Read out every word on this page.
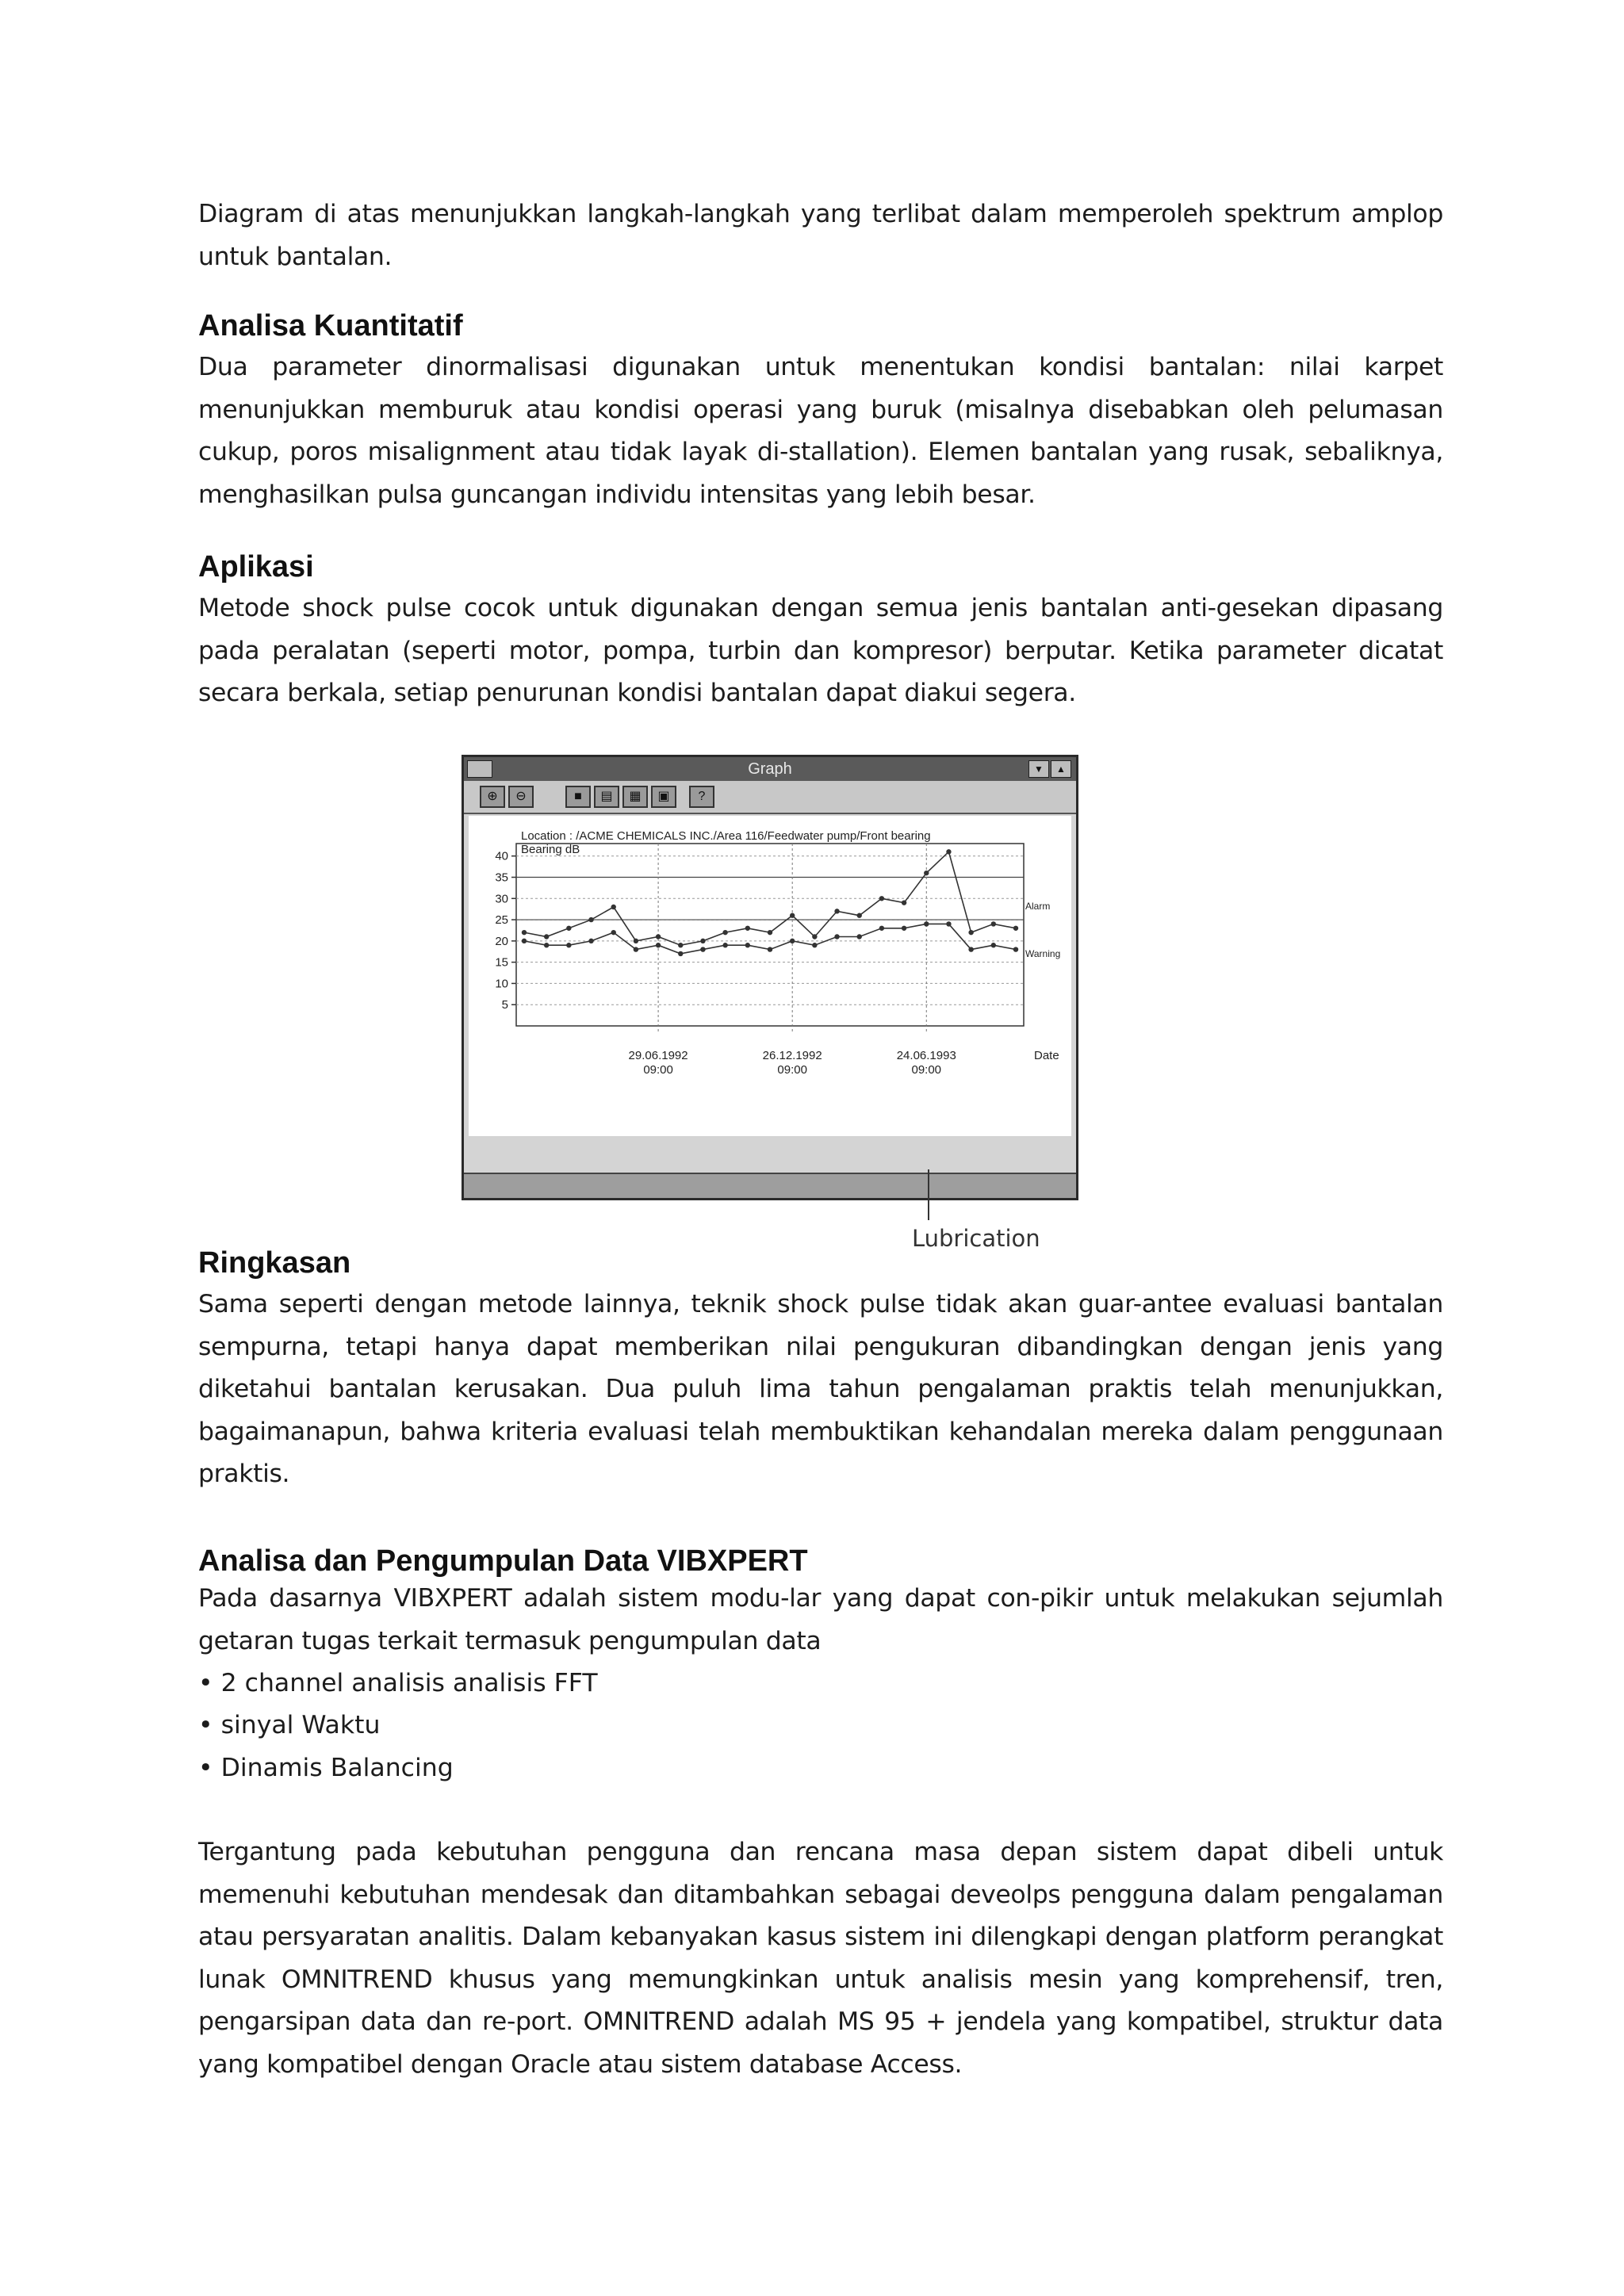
Diagram di atas menunjukkan langkah-langkah yang terlibat dalam memperoleh spektrum amplop untuk bantalan.

Analisa Kuantitatif

Dua parameter dinormalisasi digunakan untuk menentukan kondisi bantalan: nilai karpet menunjukkan memburuk atau kondisi operasi yang buruk (misalnya disebabkan oleh pelumasan cukup, poros misalignment atau tidak layak di-stallation). Elemen bantalan yang rusak, sebaliknya, menghasilkan pulsa guncangan individu intensitas yang lebih besar.

Aplikasi

Metode shock pulse cocok untuk digunakan dengan semua jenis bantalan anti-gesekan dipasang pada peralatan (seperti motor, pompa, turbin dan kompresor) berputar. Ketika parameter dicatat secara berkala, setiap penurunan kondisi bantalan dapat diakui segera.

Graph	▼	▲
⊕	⊖	■	▤	▦	▣	?
Location : /ACME CHEMICALS INC./Area 116/Feedwater pump/Front bearing
Bearing dB
Date
Alarm
Warning
5
10
15
20
25
30
35
40
29.06.1992
09:00
26.12.1992
09:00
24.06.1993
09:00
Lubrication
Ringkasan

Sama seperti dengan metode lainnya, teknik shock pulse tidak akan guar-antee evaluasi bantalan sempurna, tetapi hanya dapat memberikan nilai pengukuran dibandingkan dengan jenis yang diketahui bantalan kerusakan. Dua puluh lima tahun pengalaman praktis telah menunjukkan, bagaimanapun, bahwa kriteria evaluasi telah membuktikan kehandalan mereka dalam penggunaan praktis.

Analisa dan Pengumpulan Data VIBXPERT

Pada dasarnya VIBXPERT adalah sistem modu-lar yang dapat con-pikir untuk melakukan sejumlah getaran tugas terkait termasuk pengumpulan data

• 2 channel analisis analisis FFT

• sinyal Waktu

• Dinamis Balancing

Tergantung pada kebutuhan pengguna dan rencana masa depan sistem dapat dibeli untuk memenuhi kebutuhan mendesak dan ditambahkan sebagai deveolps pengguna dalam pengalaman atau persyaratan analitis. Dalam kebanyakan kasus sistem ini dilengkapi dengan platform perangkat lunak OMNITREND khusus yang memungkinkan untuk analisis mesin yang komprehensif, tren, pengarsipan data dan re-port. OMNITREND adalah MS 95 + jendela yang kompatibel, struktur data yang kompatibel dengan Oracle atau sistem database Access.
